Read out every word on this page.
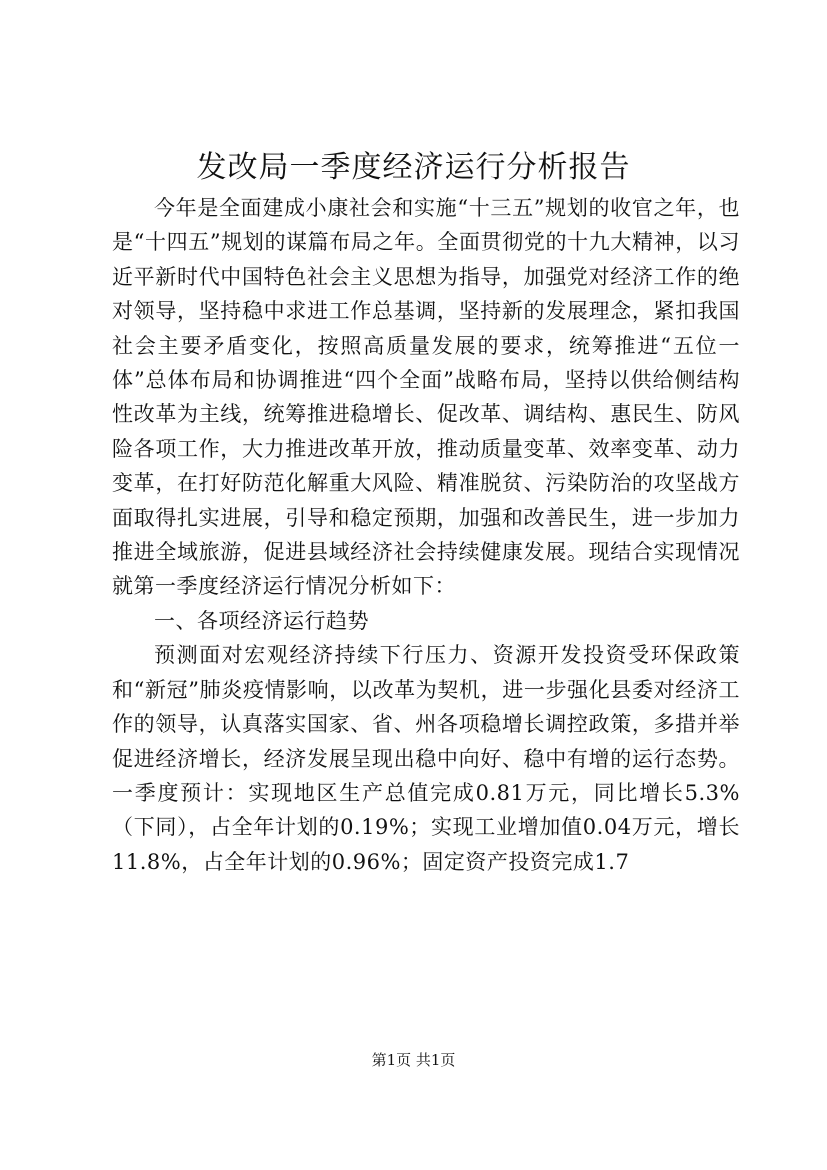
发改局一季度经济运行分析报告

今年是全面建成小康社会和实施“十三五”规划的收官之年，也是“十四五”规划的谋篇布局之年。全面贯彻党的十九大精神，以习近平新时代中国特色社会主义思想为指导，加强党对经济工作的绝对领导，坚持稳中求进工作总基调，坚持新的发展理念，紧扣我国社会主要矛盾变化，按照高质量发展的要求，统筹推进“五位一体”总体布局和协调推进“四个全面”战略布局，坚持以供给侧结构性改革为主线，统筹推进稳增长、促改革、调结构、惠民生、防风险各项工作，大力推进改革开放，推动质量变革、效率变革、动力变革，在打好防范化解重大风险、精准脱贫、污染防治的攻坚战方面取得扎实进展，引导和稳定预期，加强和改善民生，进一步加力推进全域旅游，促进县域经济社会持续健康发展。现结合实现情况就第一季度经济运行情况分析如下：

一、各项经济运行趋势

预测面对宏观经济持续下行压力、资源开发投资受环保政策和“新冠”肺炎疫情影响，以改革为契机，进一步强化县委对经济工作的领导，认真落实国家、省、州各项稳增长调控政策，多措并举促进经济增长，经济发展呈现出稳中向好、稳中有增的运行态势。一季度预计：实现地区生产总值完成0.81万元，同比增长5.3%（下同），占全年计划的0.19%；实现工业增加值0.04万元，增长11.8%，占全年计划的0.96%；固定资产投资完成1.7

第1页 共1页
